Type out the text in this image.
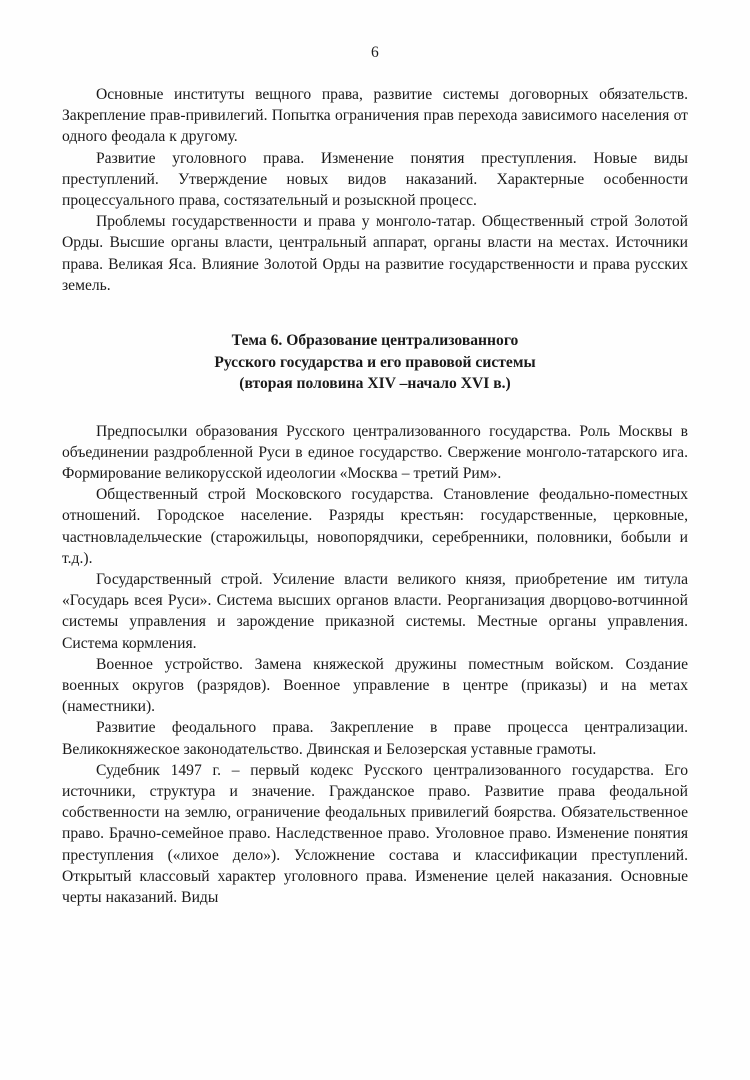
6

Основные институты вещного права, развитие системы договорных обязательств. Закрепление прав-привилегий. Попытка ограничения прав перехода зависимого населения от одного феодала к другому.

Развитие уголовного права. Изменение понятия преступления. Новые виды преступлений. Утверждение новых видов наказаний. Характерные особенности процессуального права, состязательный и розыскной процесс.

Проблемы государственности и права у монголо-татар. Общественный строй Золотой Орды. Высшие органы власти, центральный аппарат, органы власти на местах. Источники права. Великая Яса. Влияние Золотой Орды на развитие государственности и права русских земель.

Тема 6. Образование централизованного
Русского государства и его правовой системы
(вторая половина XIV –начало XVI в.)

Предпосылки образования Русского централизованного государства. Роль Москвы в объединении раздробленной Руси в единое государство. Свержение монголо-татарского ига. Формирование великорусской идеологии «Москва – третий Рим».

Общественный строй Московского государства. Становление феодально-поместных отношений. Городское население. Разряды крестьян: государственные, церковные, частновладельческие (старожильцы, новопорядчики, серебренники, половники, бобыли и т.д.).

Государственный строй. Усиление власти великого князя, приобретение им титула «Государь всея Руси». Система высших органов власти. Реорганизация дворцово-вотчинной системы управления и зарождение приказной системы. Местные органы управления. Система кормления.

Военное устройство. Замена княжеской дружины поместным войском. Создание военных округов (разрядов). Военное управление в центре (приказы) и на метах (наместники).

Развитие феодального права. Закрепление в праве процесса централизации. Великокняжеское законодательство. Двинская и Белозерская уставные грамоты.

Судебник 1497 г. – первый кодекс Русского централизованного государства. Его источники, структура и значение. Гражданское право. Развитие права феодальной собственности на землю, ограничение феодальных привилегий боярства. Обязательственное право. Брачно-семейное право. Наследственное право. Уголовное право. Изменение понятия преступления («лихое дело»). Усложнение состава и классификации преступлений. Открытый классовый характер уголовного права. Изменение целей наказания. Основные черты наказаний. Виды
